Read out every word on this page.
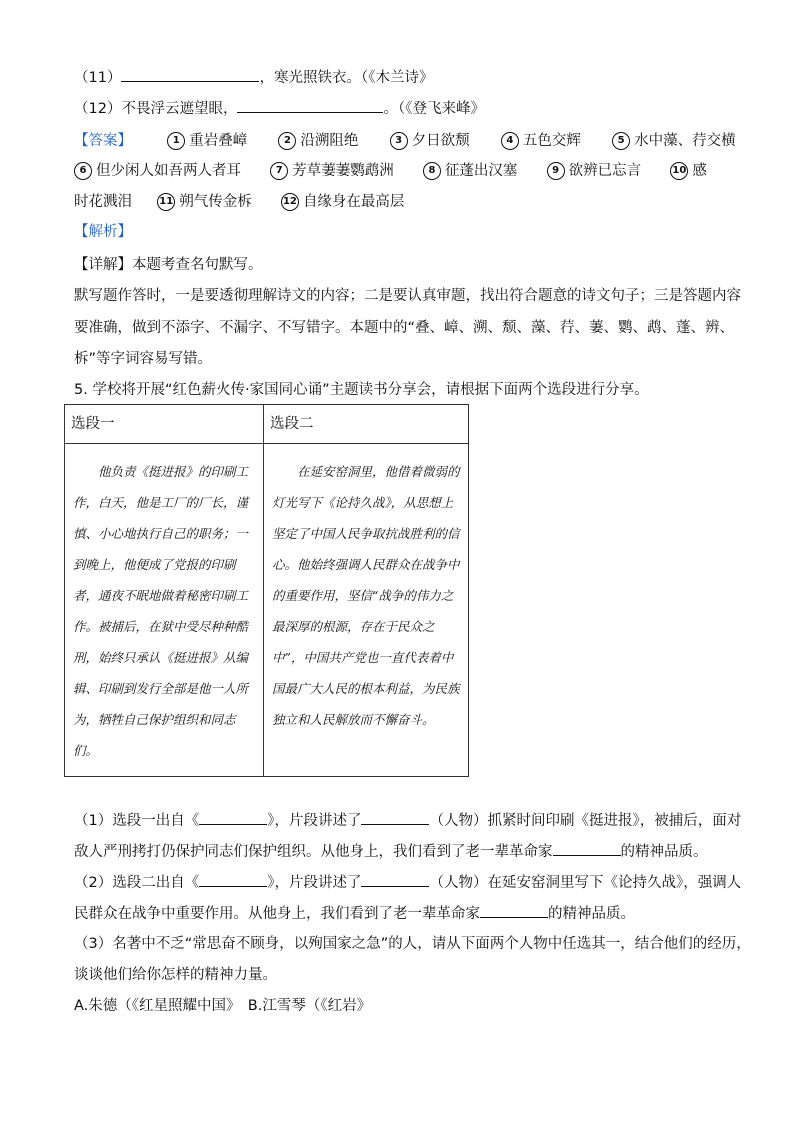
（11）	，寒光照铁衣。（《木兰诗》
（12）不畏浮云遮望眼，	。（《登飞来峰》
【答案】	1 重岩叠嶂	2 沿溯阻绝	3 夕日欲颓	4 五色交辉	5 水中藻、荇交横
6 但少闲人如吾两人者耳	7 芳草萋萋鹦鹉洲	8 征蓬出汉塞	9 欲辨已忘言	10 感
时花溅泪	11 朔气传金柝	12 自缘身在最高层
【解析】
【详解】本题考查名句默写。
默写题作答时，一是要透彻理解诗文的内容；二是要认真审题，找出符合题意的诗文句子；三是答题内容
要准确，做到不添字、不漏字、不写错字。本题中的“叠、嶂、溯、颓、藻、荇、萋、鹦、鹉、蓬、辨、
柝”等字词容易写错。
5. 学校将开展“红色薪火传·家国同心诵”主题读书分享会，请根据下面两个选段进行分享。
选段一	选段二

他负责《挺进报》的印刷工作，白天，他是工厂的厂长，谨慎、小心地执行自己的职务；一到晚上，他便成了党报的印刷者，通夜不眠地做着秘密印刷工作。被捕后，在狱中受尽种种酷刑，始终只承认《挺进报》从编辑、印刷到发行全部是他一人所为，牺牲自己保护组织和同志们。	在延安窑洞里，他借着微弱的灯光写下《论持久战》，从思想上坚定了中国人民争取抗战胜利的信心。他始终强调人民群众在战争中的重要作用，坚信“战争的伟力之最深厚的根源，存在于民众之中”，中国共产党也一直代表着中国最广大人民的根本利益，为民族独立和人民解放而不懈奋斗。

（1）选段一出自《	》，片段讲述了	（人物）抓紧时间印刷《挺进报》，被捕后，面对
敌人严刑拷打仍保护同志们保护组织。从他身上，我们看到了老一辈革命家	的精神品质。
（2）选段二出自《	》，片段讲述了	（人物）在延安窑洞里写下《论持久战》，强调人
民群众在战争中重要作用。从他身上，我们看到了老一辈革命家	的精神品质。
（3）名著中不乏“常思奋不顾身，以殉国家之急”的人，请从下面两个人物中任选其一，结合他们的经历，
谈谈他们给你怎样的精神力量。
A.朱德（《红星照耀中国》　B.江雪琴（《红岩》
